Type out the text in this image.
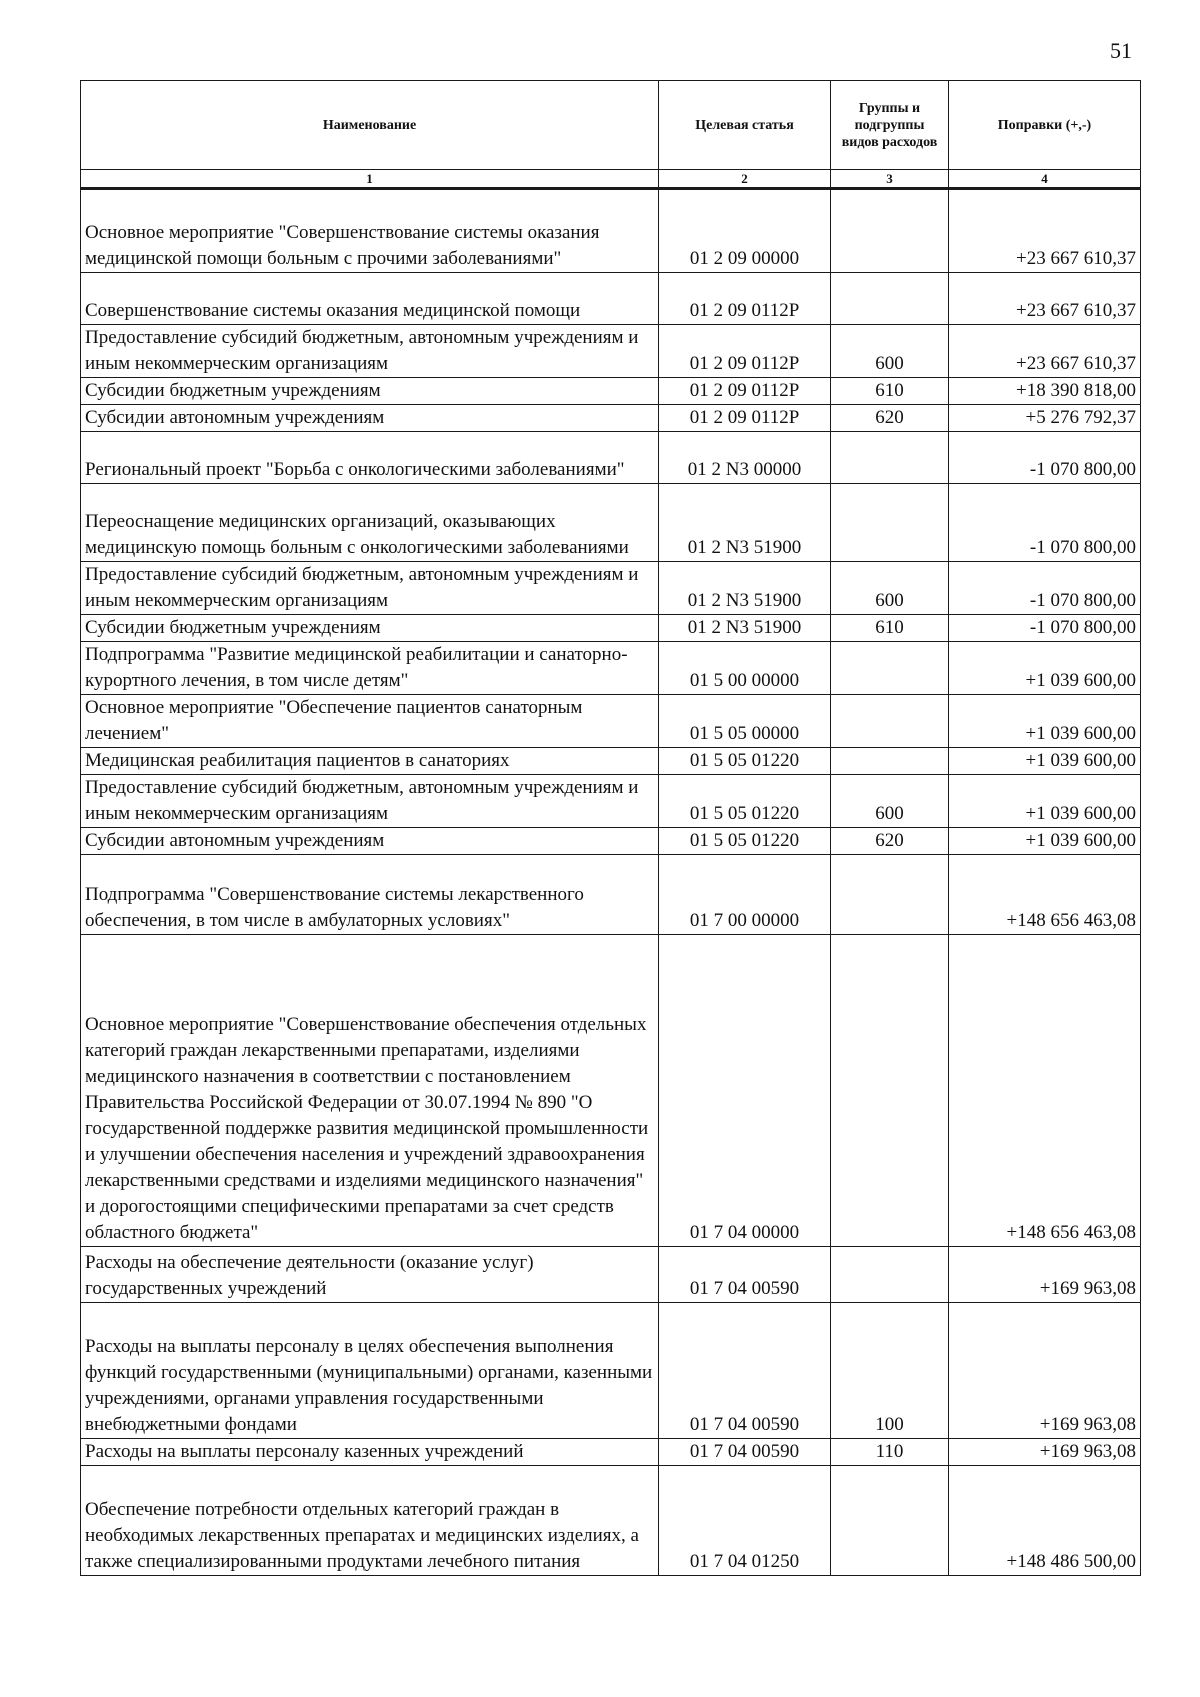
51
Наименование	Целевая статья	Группы и подгруппы видов расходов	Поправки (+,-)
1	2	3	4
Основное мероприятие "Совершенствование системы оказания медицинской помощи больным с прочими заболеваниями"	01 2 09 00000		+23 667 610,37
Совершенствование системы оказания медицинской помощи	01 2 09 0112P		+23 667 610,37
Предоставление субсидий бюджетным, автономным учреждениям и иным некоммерческим организациям	01 2 09 0112P	600	+23 667 610,37
Субсидии бюджетным учреждениям	01 2 09 0112P	610	+18 390 818,00
Субсидии автономным учреждениям	01 2 09 0112P	620	+5 276 792,37
Региональный проект "Борьба с онкологическими заболеваниями"	01 2 N3 00000		-1 070 800,00
Переоснащение медицинских организаций, оказывающих медицинскую помощь больным с онкологическими заболеваниями	01 2 N3 51900		-1 070 800,00
Предоставление субсидий бюджетным, автономным учреждениям и иным некоммерческим организациям	01 2 N3 51900	600	-1 070 800,00
Субсидии бюджетным учреждениям	01 2 N3 51900	610	-1 070 800,00
Подпрограмма "Развитие медицинской реабилитации и санаторно-курортного лечения, в том числе детям"	01 5 00 00000		+1 039 600,00
Основное мероприятие "Обеспечение пациентов санаторным лечением"	01 5 05 00000		+1 039 600,00
Медицинская реабилитация пациентов в санаториях	01 5 05 01220		+1 039 600,00
Предоставление субсидий бюджетным, автономным учреждениям и иным некоммерческим организациям	01 5 05 01220	600	+1 039 600,00
Субсидии автономным учреждениям	01 5 05 01220	620	+1 039 600,00
Подпрограмма "Совершенствование системы лекарственного обеспечения, в том числе в амбулаторных условиях"	01 7 00 00000		+148 656 463,08
Основное мероприятие "Совершенствование обеспечения отдельных категорий граждан лекарственными препаратами, изделиями медицинского назначения в соответствии с постановлением Правительства Российской Федерации от 30.07.1994 № 890 "О государственной поддержке развития медицинской промышленности и улучшении обеспечения населения и учреждений здравоохранения лекарственными средствами и изделиями медицинского назначения" и дорогостоящими специфическими препаратами за счет средств областного бюджета"	01 7 04 00000		+148 656 463,08
Расходы на обеспечение деятельности (оказание услуг) государственных учреждений	01 7 04 00590		+169 963,08
Расходы на выплаты персоналу в целях обеспечения выполнения функций государственными (муниципальными) органами, казенными учреждениями, органами управления государственными внебюджетными фондами	01 7 04 00590	100	+169 963,08
Расходы на выплаты персоналу казенных учреждений	01 7 04 00590	110	+169 963,08
Обеспечение потребности отдельных категорий граждан в необходимых лекарственных препаратах и медицинских изделиях, а также специализированными продуктами лечебного питания	01 7 04 01250		+148 486 500,00
